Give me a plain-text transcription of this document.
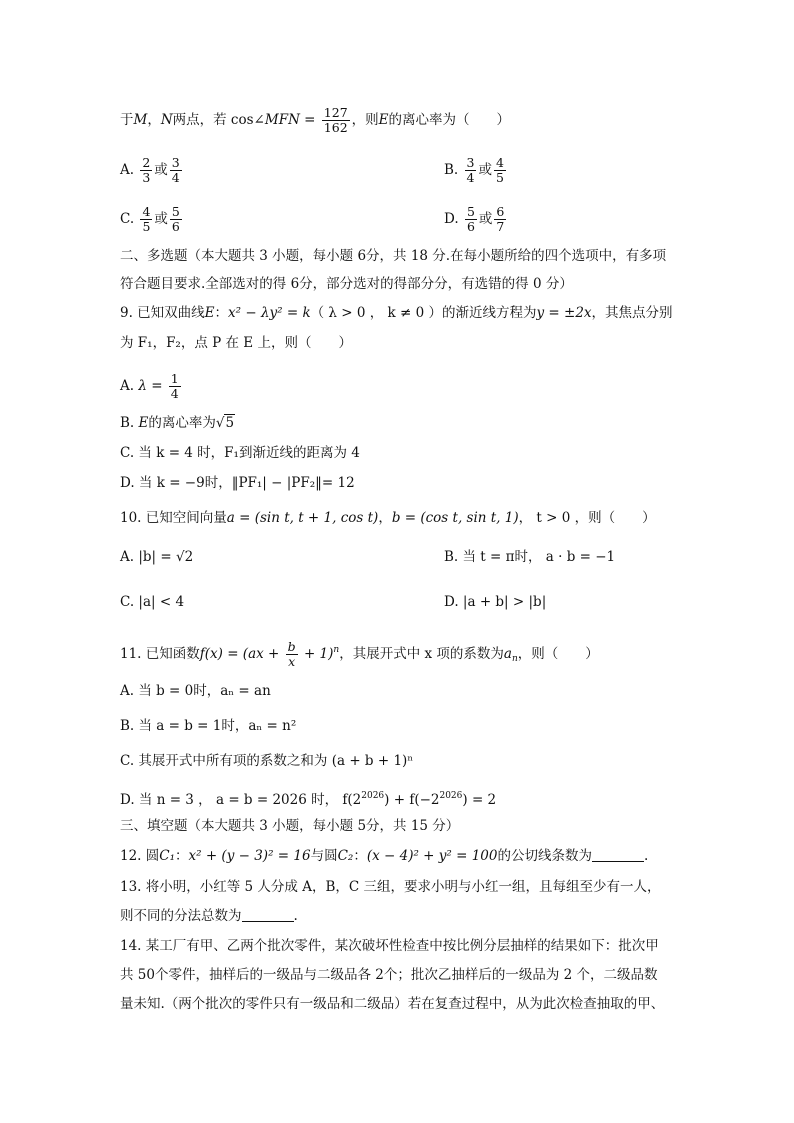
于M，N两点，若 cos∠MFN = $\frac{127}{162}$ ，则E的离心率为（　　）
A. $\frac{2}{3}$ 或 $\frac{3}{4}$	B. $\frac{3}{4}$ 或 $\frac{4}{5}$
C. $\frac{4}{5}$ 或 $\frac{5}{6}$	D. $\frac{5}{6}$ 或 $\frac{6}{7}$
二、多选题（本大题共 3 小题，每小题 6分，共 18 分.在每小题所给的四个选项中，有多项
符合题目要求.全部选对的得 6分，部分选对的得部分分，有选错的得 0 分）
9. 已知双曲线E：x² − λy² = k（ λ > 0 ， k ≠ 0 ）的渐近线方程为y = ±2x，其焦点分别
为 F₁，F₂，点 P 在 E 上，则（　　）
A. $\lambda = \frac{1}{4}$
B. E的离心率为√5
C. 当 k = 4 时，F₁到渐近线的距离为 4
D. 当 k = −9时，‖PF₁| − |PF₂‖= 12
10. 已知空间向量a = (sin t, t + 1, cos t)，b = (cos t, sin t, 1)， t > 0 ，则（　　）
A. |b| = √2	B. 当 t = π时， a · b = −1
C. |a| < 4	D. |a + b| > |b|
11. 已知函数$f(x) = (ax + \frac{b}{x} + 1)^n$，其展开式中 x 项的系数为$a_n$，则（　　）
A. 当 b = 0时，aₙ = an
B. 当 a = b = 1时，aₙ = n²
C. 其展开式中所有项的系数之和为 (a + b + 1)ⁿ
D. 当 n = 3 ， a = b = 2026 时， $f(2^{2026}) + f(-2^{2026}) = 2$
三、填空题（本大题共 3 小题，每小题 5分，共 15 分）
12. 圆C₁：x² + (y − 3)² = 16与圆C₂：(x − 4)² + y² = 100的公切线条数为	.
13. 将小明，小红等 5 人分成 A，B，C 三组，要求小明与小红一组，且每组至少有一人，
则不同的分法总数为	.
14. 某工厂有甲、乙两个批次零件，某次破坏性检查中按比例分层抽样的结果如下：批次甲
共 50个零件，抽样后的一级品与二级品各 2个；批次乙抽样后的一级品为 2 个，二级品数
量未知.（两个批次的零件只有一级品和二级品）若在复查过程中，从为此次检查抽取的甲、
